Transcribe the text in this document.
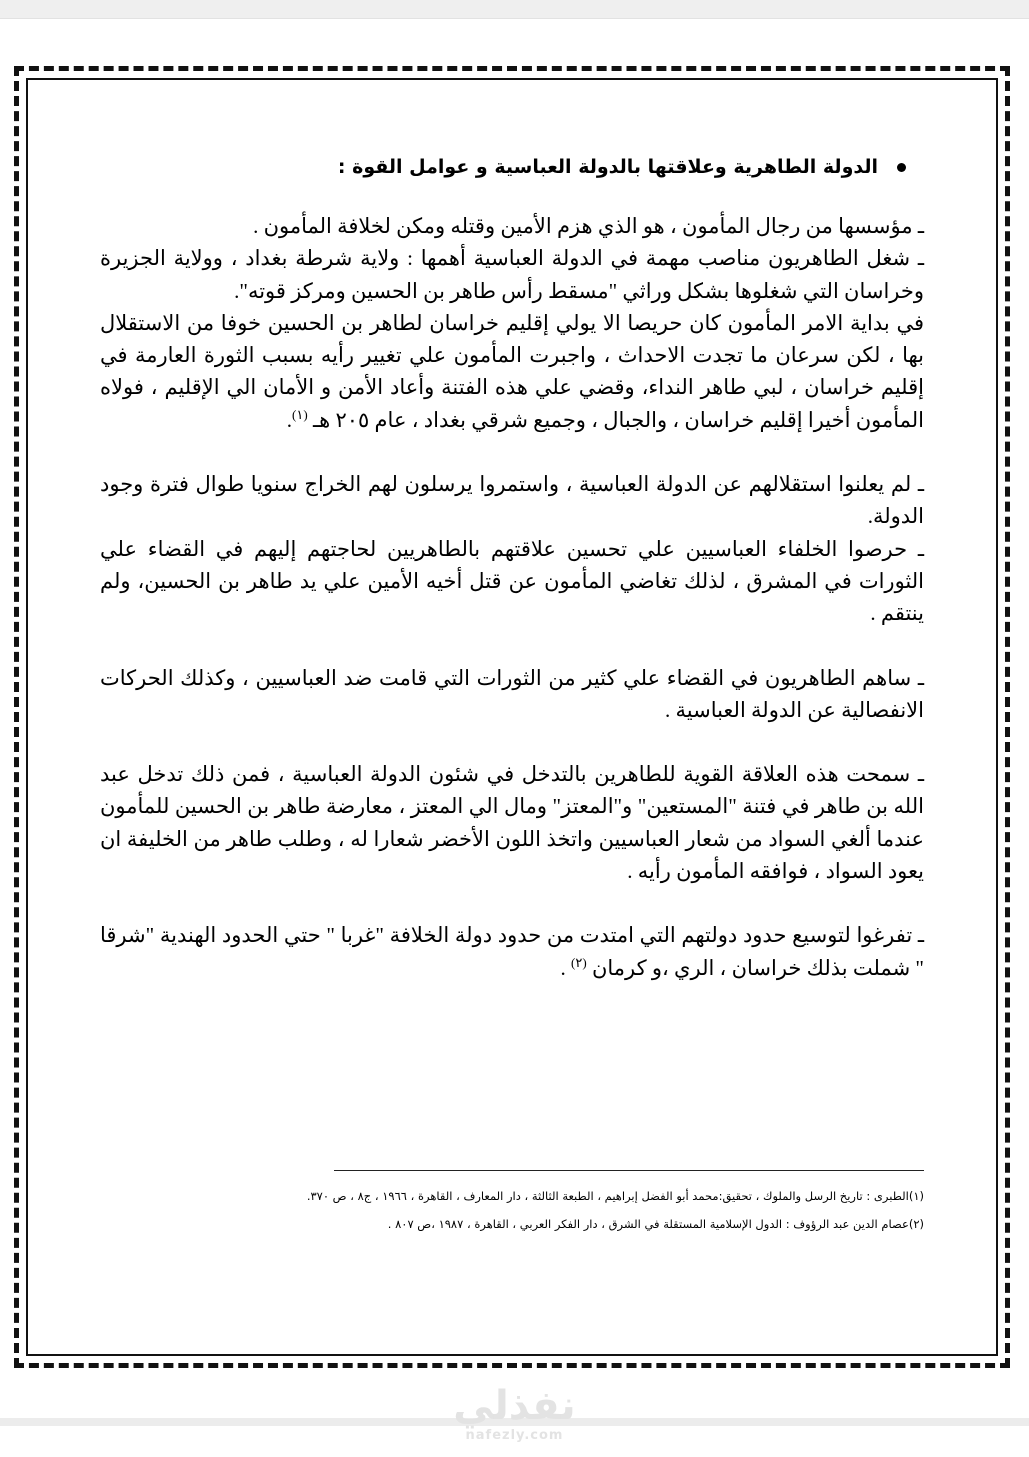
الدولة الطاهرية وعلاقتها بالدولة العباسية و عوامل القوة :

ـ مؤسسها من رجال المأمون ، هو الذي هزم الأمين وقتله ومكن لخلافة المأمون .

ـ شغل الطاهريون مناصب مهمة في الدولة العباسية أهمها : ولاية شرطة بغداد ، وولاية الجزيرة وخراسان التي شغلوها بشكل وراثي "مسقط رأس طاهر بن الحسين ومركز قوته".

في بداية الامر المأمون كان حريصا الا يولي إقليم خراسان لطاهر بن الحسين خوفا من الاستقلال بها ، لكن سرعان ما تجدت الاحداث ، واجبرت المأمون علي تغيير رأيه بسبب الثورة العارمة في إقليم خراسان ، لبي طاهر النداء، وقضي علي هذه الفتنة وأعاد الأمن و الأمان الي الإقليم ، فولاه المأمون أخيرا إقليم خراسان ، والجبال ، وجميع شرقي بغداد ، عام ٢٠٥ هـ $^{(١)}$.

ـ لم يعلنوا استقلالهم عن الدولة العباسية ، واستمروا يرسلون لهم الخراج سنويا طوال فترة وجود الدولة.

ـ حرصوا الخلفاء العباسيين علي تحسين علاقتهم بالطاهريين لحاجتهم إليهم في القضاء علي الثورات في المشرق ، لذلك تغاضي المأمون عن قتل أخيه الأمين علي يد طاهر بن الحسين، ولم ينتقم .

ـ ساهم الطاهريون في القضاء علي كثير من الثورات التي قامت ضد العباسيين ، وكذلك الحركات الانفصالية عن الدولة العباسية .

ـ سمحت هذه العلاقة القوية للطاهرين بالتدخل في شئون الدولة العباسية ، فمن ذلك تدخل عبد الله بن طاهر في فتنة "المستعين" و"المعتز" ومال الي المعتز ، معارضة طاهر بن الحسين للمأمون عندما ألغي السواد من شعار العباسيين واتخذ اللون الأخضر شعارا له ، وطلب طاهر من الخليفة ان يعود السواد ، فوافقه المأمون رأيه .

ـ تفرغوا لتوسيع حدود دولتهم التي امتدت من حدود دولة الخلافة "غربا " حتي الحدود الهندية "شرقا " شملت بذلك خراسان ، الري ،و كرمان $^{(٢)}$ .

(١)الطبرى : تاريخ الرسل والملوك ، تحقيق:محمد أبو الفضل إبراهيم ، الطبعة الثالثة ، دار المعارف ، القاهرة ، ١٩٦٦ ، ج٨ ، ص ٣٧٠.
(٢)عصام الدين عبد الرؤوف : الدول الإسلامية المستقلة في الشرق ، دار الفكر العربي ، القاهرة ، ١٩٨٧ ،ص ٨٠٧ .
نفذلي
nafezly.com
